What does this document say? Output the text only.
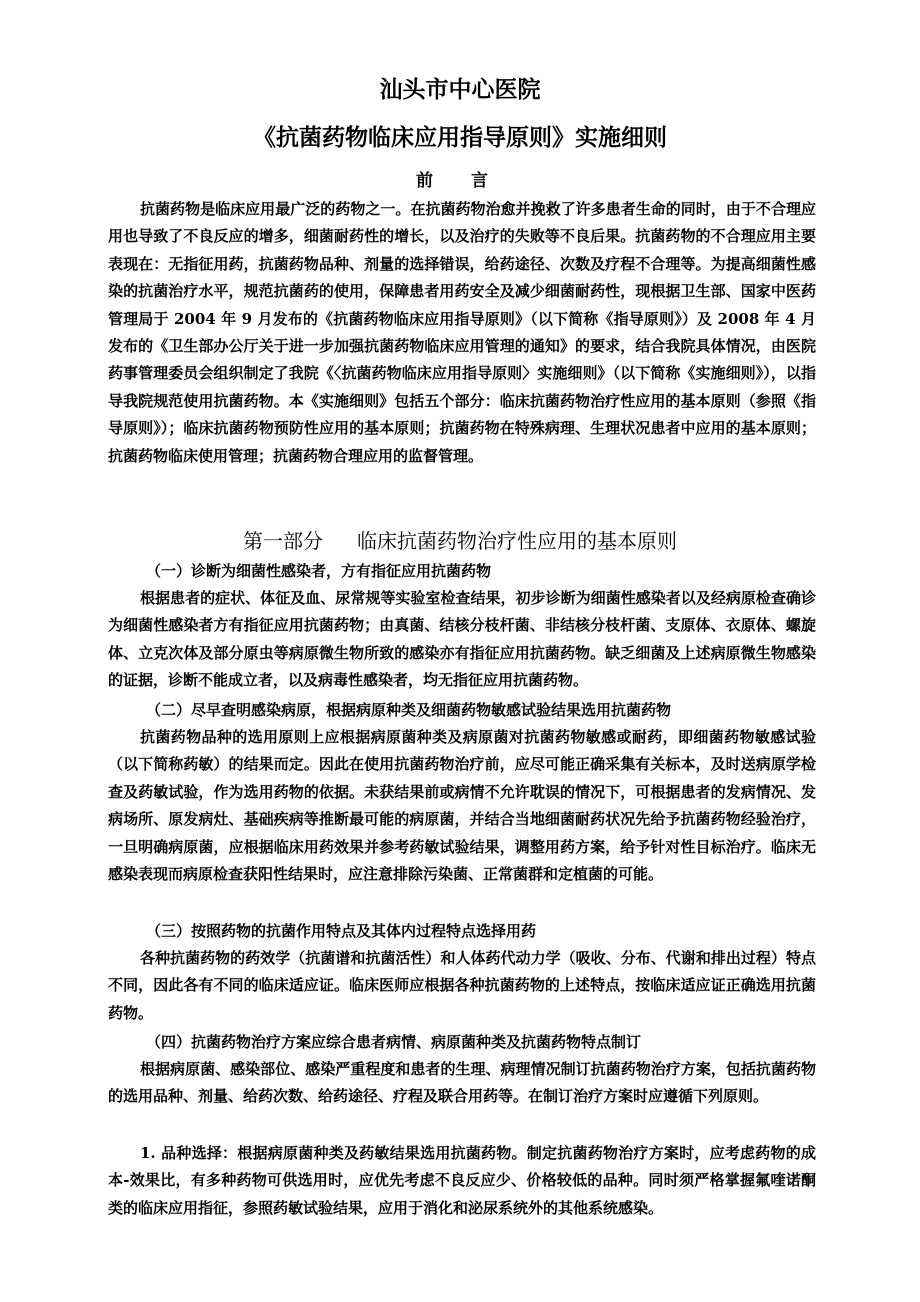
汕头市中心医院
《抗菌药物临床应用指导原则》实施细则
前 言

抗菌药物是临床应用最广泛的药物之一。在抗菌药物治愈并挽救了许多患者生命的同时，由于不合理应用也导致了不良反应的增多，细菌耐药性的增长，以及治疗的失败等不良后果。抗菌药物的不合理应用主要表现在：无指征用药，抗菌药物品种、剂量的选择错误，给药途径、次数及疗程不合理等。为提高细菌性感染的抗菌治疗水平，规范抗菌药的使用，保障患者用药安全及减少细菌耐药性，现根据卫生部、国家中医药管理局于 2004 年 9 月发布的《抗菌药物临床应用指导原则》（以下简称《指导原则》）及 2008 年 4 月发布的《卫生部办公厅关于进一步加强抗菌药物临床应用管理的通知》的要求，结合我院具体情况，由医院药事管理委员会组织制定了我院《〈抗菌药物临床应用指导原则〉实施细则》（以下简称《实施细则》），以指导我院规范使用抗菌药物。本《实施细则》包括五个部分：临床抗菌药物治疗性应用的基本原则（参照《指导原则》）；临床抗菌药物预防性应用的基本原则；抗菌药物在特殊病理、生理状况患者中应用的基本原则；抗菌药物临床使用管理；抗菌药物合理应用的监督管理。

第一部分 临床抗菌药物治疗性应用的基本原则
（一）诊断为细菌性感染者，方有指征应用抗菌药物

根据患者的症状、体征及血、尿常规等实验室检查结果，初步诊断为细菌性感染者以及经病原检查确诊为细菌性感染者方有指征应用抗菌药物；由真菌、结核分枝杆菌、非结核分枝杆菌、支原体、衣原体、螺旋体、立克次体及部分原虫等病原微生物所致的感染亦有指征应用抗菌药物。缺乏细菌及上述病原微生物感染的证据，诊断不能成立者，以及病毒性感染者，均无指征应用抗菌药物。

（二）尽早查明感染病原，根据病原种类及细菌药物敏感试验结果选用抗菌药物

抗菌药物品种的选用原则上应根据病原菌种类及病原菌对抗菌药物敏感或耐药，即细菌药物敏感试验 （以下简称药敏）的结果而定。因此在使用抗菌药物治疗前，应尽可能正确采集有关标本，及时送病原学检查及药敏试验，作为选用药物的依据。未获结果前或病情不允许耽误的情况下，可根据患者的发病情况、发病场所、原发病灶、基础疾病等推断最可能的病原菌，并结合当地细菌耐药状况先给予抗菌药物经验治疗，一旦明确病原菌，应根据临床用药效果并参考药敏试验结果，调整用药方案，给予针对性目标治疗。临床无感染表现而病原检查获阳性结果时，应注意排除污染菌、正常菌群和定植菌的可能。

（三）按照药物的抗菌作用特点及其体内过程特点选择用药

各种抗菌药物的药效学（抗菌谱和抗菌活性）和人体药代动力学（吸收、分布、代谢和排出过程）特点不同，因此各有不同的临床适应证。临床医师应根据各种抗菌药物的上述特点，按临床适应证正确选用抗菌药物。

（四）抗菌药物治疗方案应综合患者病情、病原菌种类及抗菌药物特点制订

根据病原菌、感染部位、感染严重程度和患者的生理、病理情况制订抗菌药物治疗方案，包括抗菌药物的选用品种、剂量、给药次数、给药途径、疗程及联合用药等。在制订治疗方案时应遵循下列原则。

1. 品种选择：根据病原菌种类及药敏结果选用抗菌药物。制定抗菌药物治疗方案时，应考虑药物的成本-效果比，有多种药物可供选用时，应优先考虑不良反应少、价格较低的品种。同时须严格掌握氟喹诺酮类的临床应用指征，参照药敏试验结果，应用于消化和泌尿系统外的其他系统感染。
